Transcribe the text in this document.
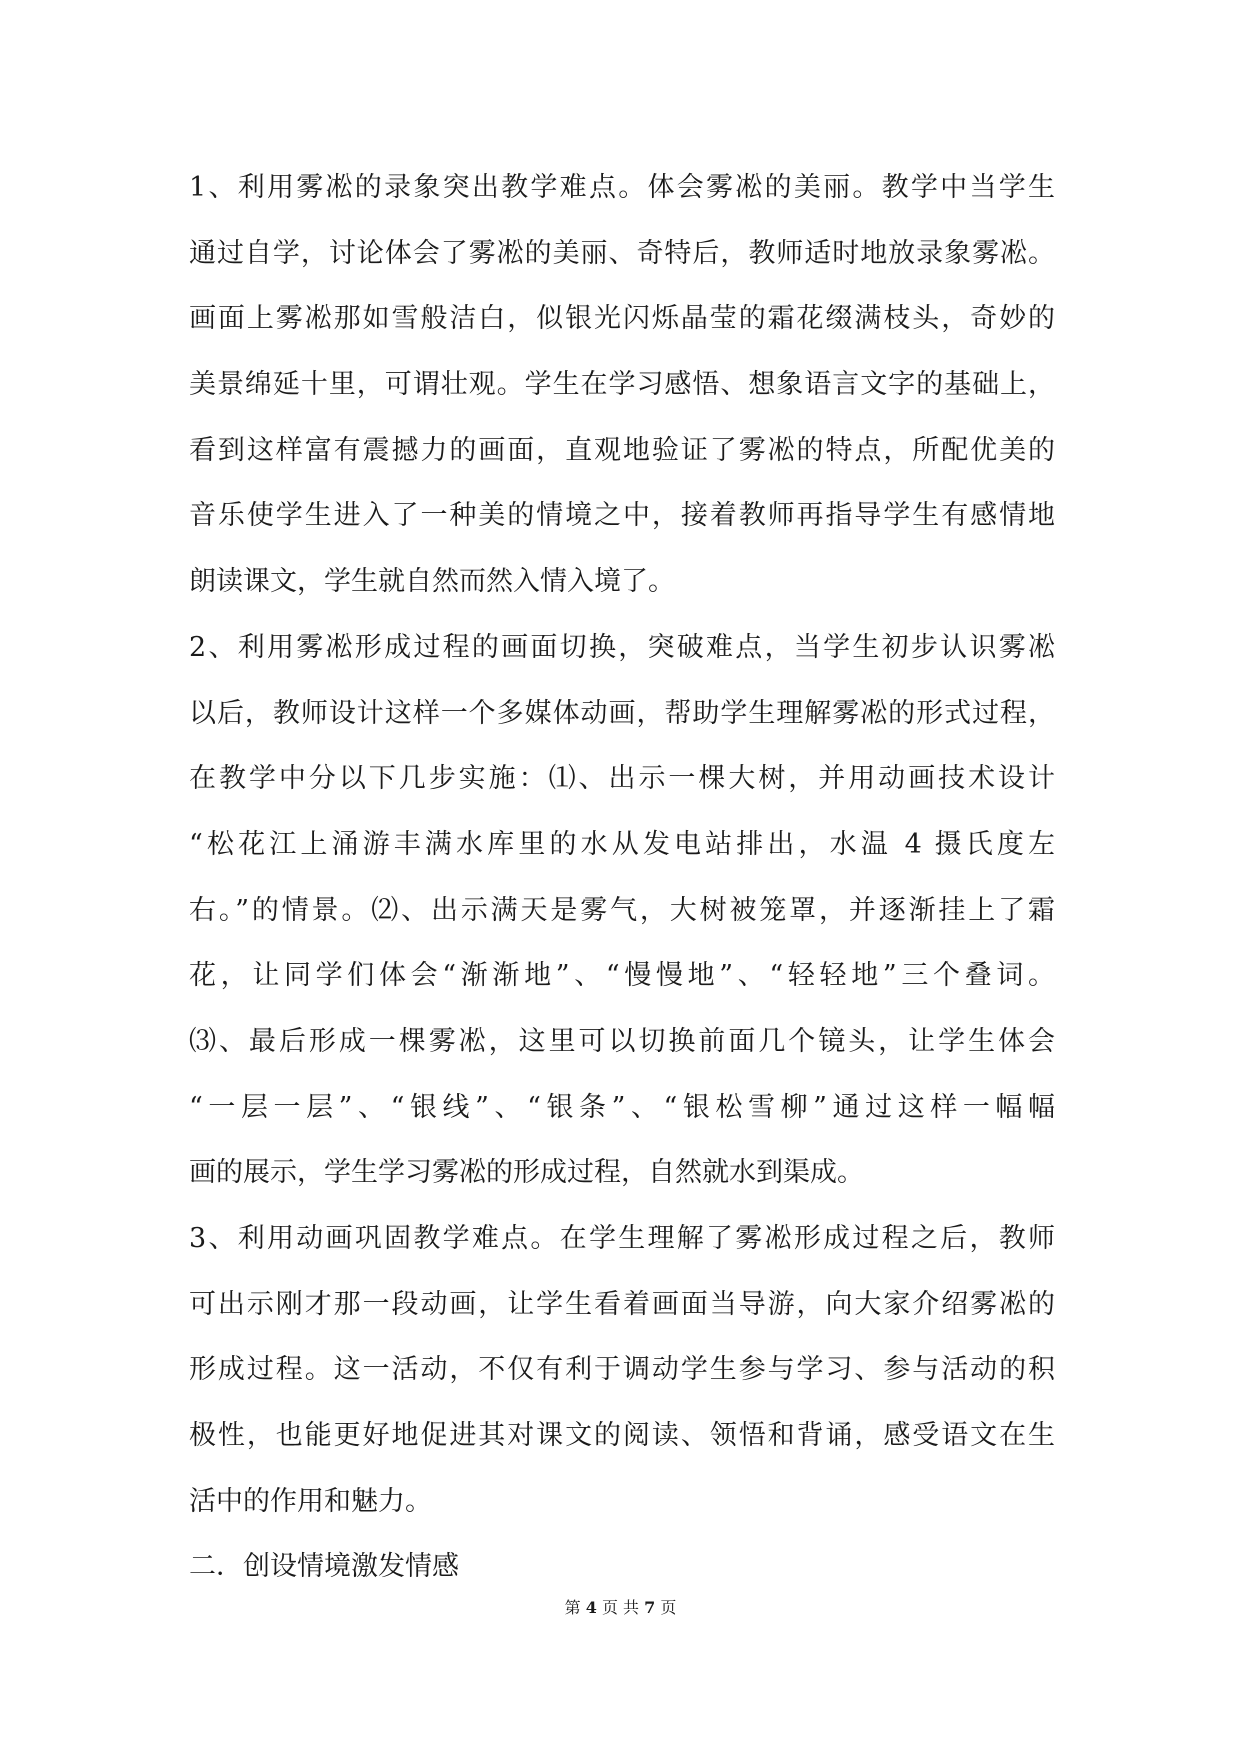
1、利用雾凇的录象突出教学难点。体会雾凇的美丽。教学中当学生
通过自学，讨论体会了雾凇的美丽、奇特后，教师适时地放录象雾凇。
画面上雾凇那如雪般洁白，似银光闪烁晶莹的霜花缀满枝头，奇妙的
美景绵延十里，可谓壮观。学生在学习感悟、想象语言文字的基础上，
看到这样富有震撼力的画面，直观地验证了雾凇的特点，所配优美的
音乐使学生进入了一种美的情境之中，接着教师再指导学生有感情地
朗读课文，学生就自然而然入情入境了。
2、利用雾凇形成过程的画面切换，突破难点，当学生初步认识雾凇
以后，教师设计这样一个多媒体动画，帮助学生理解雾凇的形式过程，
在教学中分以下几步实施：⑴、出示一棵大树，并用动画技术设计
“松花江上涌游丰满水库里的水从发电站排出，水温 4 摄氏度左
右。”的情景。⑵、出示满天是雾气，大树被笼罩，并逐渐挂上了霜
花，让同学们体会“渐渐地”、“慢慢地”、“轻轻地”三个叠词。
⑶、最后形成一棵雾凇，这里可以切换前面几个镜头，让学生体会
“一层一层”、“银线”、“银条”、“银松雪柳”通过这样一幅幅
画的展示，学生学习雾凇的形成过程，自然就水到渠成。
3、利用动画巩固教学难点。在学生理解了雾凇形成过程之后，教师
可出示刚才那一段动画，让学生看着画面当导游，向大家介绍雾凇的
形成过程。这一活动，不仅有利于调动学生参与学习、参与活动的积
极性，也能更好地促进其对课文的阅读、领悟和背诵，感受语文在生
活中的作用和魅力。
二．创设情境激发情感
第 4 页 共 7 页
